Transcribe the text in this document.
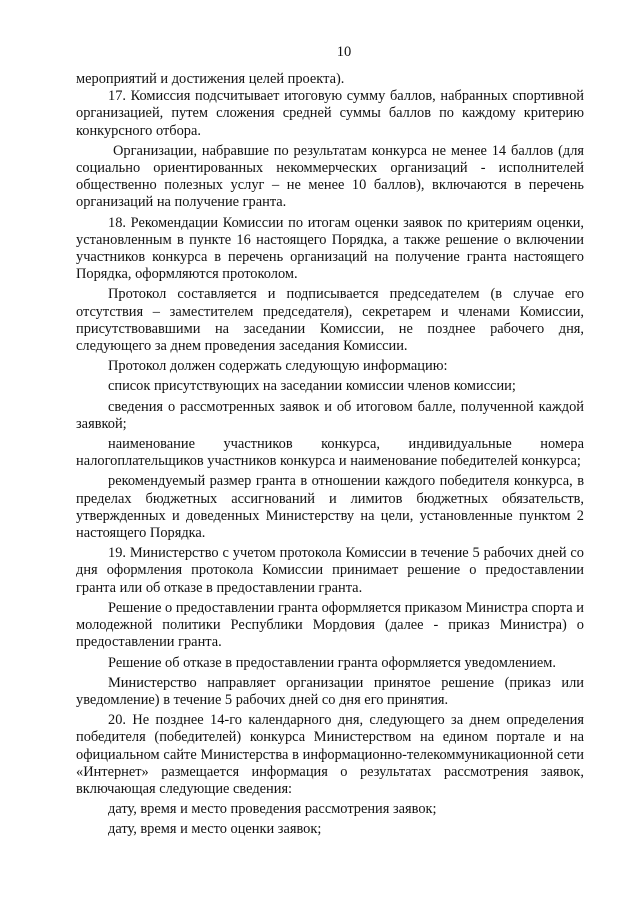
10

мероприятий и достижения целей проекта).

17. Комиссия подсчитывает итоговую сумму баллов, набранных спортивной организацией, путем сложения средней суммы баллов по каждому критерию конкурсного отбора.

Организации, набравшие по результатам конкурса не менее 14 баллов (для социально ориентированных некоммерческих организаций - исполнителей общественно полезных услуг – не менее 10 баллов), включаются в перечень организаций на получение гранта.

18. Рекомендации Комиссии по итогам оценки заявок по критериям оценки, установленным в пункте 16 настоящего Порядка, а также решение о включении участников конкурса в перечень организаций на получение гранта настоящего Порядка, оформляются протоколом.

Протокол составляется и подписывается председателем (в случае его отсутствия – заместителем председателя), секретарем и членами Комиссии, присутствовавшими на заседании Комиссии, не позднее рабочего дня, следующего за днем проведения заседания Комиссии.

Протокол должен содержать следующую информацию:

список присутствующих на заседании комиссии членов комиссии;

сведения о рассмотренных заявок и об итоговом балле, полученной каждой заявкой;

наименование участников конкурса, индивидуальные номера налогоплательщиков участников конкурса и наименование победителей конкурса;

рекомендуемый размер гранта в отношении каждого победителя конкурса, в пределах бюджетных ассигнований и лимитов бюджетных обязательств, утвержденных и доведенных Министерству на цели, установленные пунктом 2 настоящего Порядка.

19. Министерство с учетом протокола Комиссии в течение 5 рабочих дней со дня оформления протокола Комиссии принимает решение о предоставлении гранта или об отказе в предоставлении гранта.

Решение о предоставлении гранта оформляется приказом Министра спорта и молодежной политики Республики Мордовия (далее - приказ Министра) о предоставлении гранта.

Решение об отказе в предоставлении гранта оформляется уведомлением.

Министерство направляет организации принятое решение (приказ или уведомление) в течение 5 рабочих дней со дня его принятия.

20. Не позднее 14-го календарного дня, следующего за днем определения победителя (победителей) конкурса Министерством на едином портале и на официальном сайте Министерства в информационно-телекоммуникационной сети «Интернет» размещается информация о результатах рассмотрения заявок, включающая следующие сведения:

дату, время и место проведения рассмотрения заявок;

дату, время и место оценки заявок;
